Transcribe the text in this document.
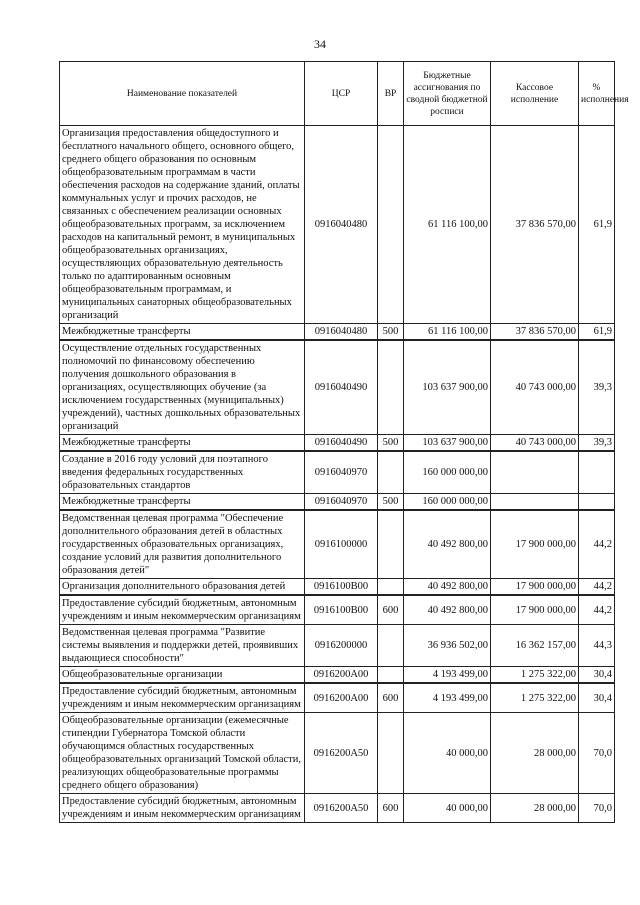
34
Наименование показателей	ЦСР	ВР	Бюджетные ассигнования по сводной бюджетной росписи	Кассовое исполнение	% исполнения
Организация предоставления общедоступного и бесплатного начального общего, основного общего, среднего общего образования по основным общеобразовательным программам в части обеспечения расходов на содержание зданий, оплаты коммунальных услуг и прочих расходов, не связанных с обеспечением реализации основных общеобразовательных программ, за исключением расходов на капитальный ремонт, в муниципальных общеобразовательных организациях, осуществляющих образовательную деятельность только по адаптированным основным общеобразовательным программам, и муниципальных санаторных общеобразовательных организаций	0916040480		61 116 100,00	37 836 570,00	61,9
Межбюджетные трансферты	0916040480	500	61 116 100,00	37 836 570,00	61,9
Осуществление отдельных государственных полномочий по финансовому обеспечению получения дошкольного образования в организациях, осуществляющих обучение (за исключением государственных (муниципальных) учреждений), частных дошкольных образовательных организаций	0916040490		103 637 900,00	40 743 000,00	39,3
Межбюджетные трансферты	0916040490	500	103 637 900,00	40 743 000,00	39,3
Создание в 2016 году условий для поэтапного введения федеральных государственных образовательных стандартов	0916040970		160 000 000,00		
Межбюджетные трансферты	0916040970	500	160 000 000,00		
Ведомственная целевая программа "Обеспечение дополнительного образования детей в областных государственных образовательных организациях, создание условий для развития дополнительного образования детей"	0916100000		40 492 800,00	17 900 000,00	44,2
Организация дополнительного образования детей	0916100B00		40 492 800,00	17 900 000,00	44,2
Предоставление субсидий бюджетным, автономным учреждениям и иным некоммерческим организациям	0916100B00	600	40 492 800,00	17 900 000,00	44,2
Ведомственная целевая программа "Развитие системы выявления и поддержки детей, проявивших выдающиеся способности"	0916200000		36 936 502,00	16 362 157,00	44,3
Общеобразовательные организации	0916200A00		4 193 499,00	1 275 322,00	30,4
Предоставление субсидий бюджетным, автономным учреждениям и иным некоммерческим организациям	0916200A00	600	4 193 499,00	1 275 322,00	30,4
Общеобразовательные организации (ежемесячные стипендии Губернатора Томской области обучающимся областных государственных общеобразовательных организаций Томской области, реализующих общеобразовательные программы среднего общего образования)	0916200A50		40 000,00	28 000,00	70,0
Предоставление субсидий бюджетным, автономным учреждениям и иным некоммерческим организациям	0916200A50	600	40 000,00	28 000,00	70,0
